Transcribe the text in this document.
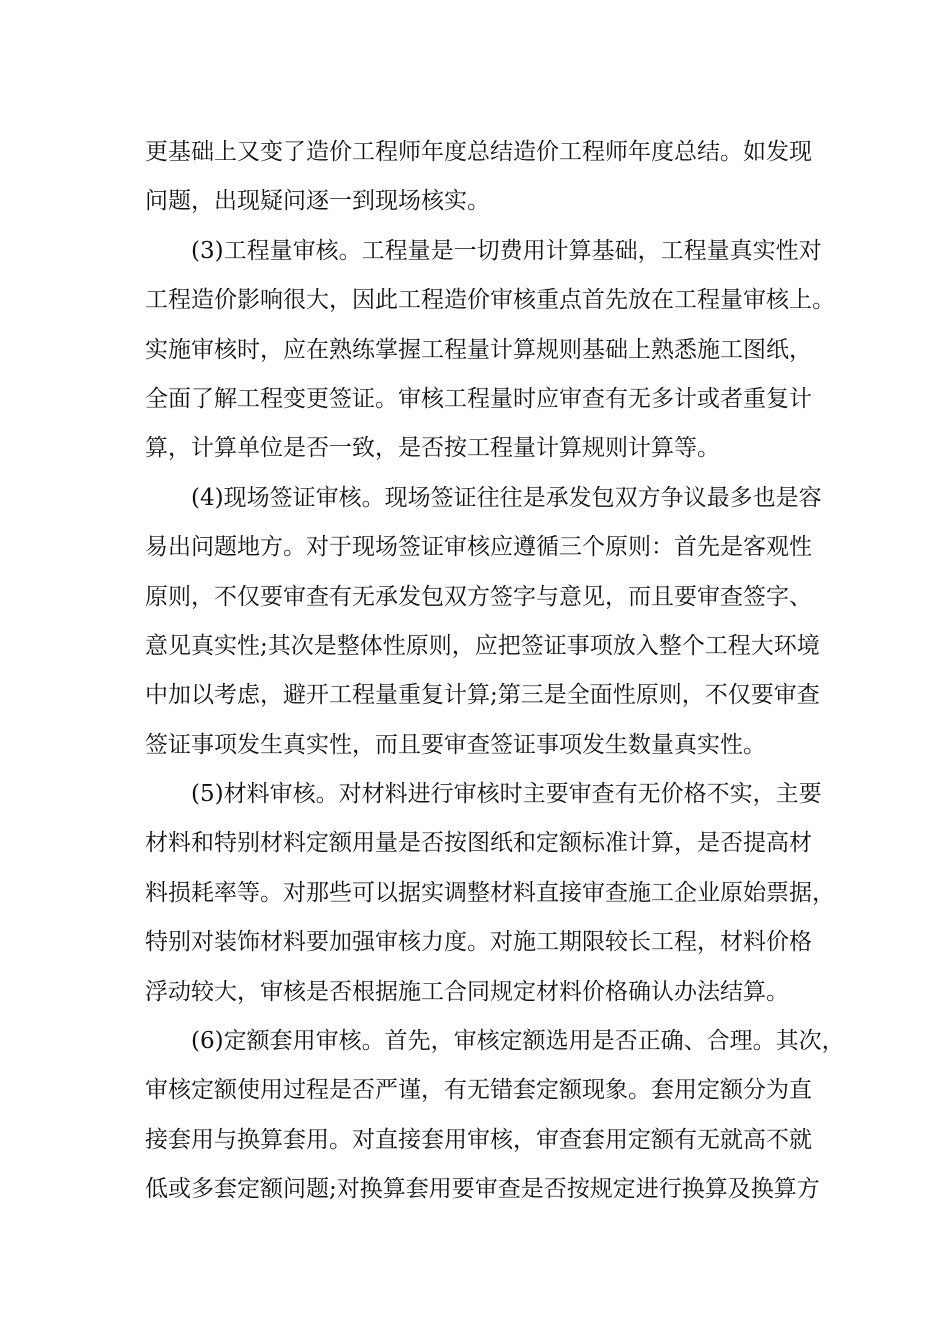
更基础上又变了造价工程师年度总结造价工程师年度总结。如发现
问题，出现疑问逐一到现场核实。
(3)工程量审核。工程量是一切费用计算基础，工程量真实性对
工程造价影响很大，因此工程造价审核重点首先放在工程量审核上。
实施审核时，应在熟练掌握工程量计算规则基础上熟悉施工图纸，
全面了解工程变更签证。审核工程量时应审查有无多计或者重复计
算，计算单位是否一致，是否按工程量计算规则计算等。
(4)现场签证审核。现场签证往往是承发包双方争议最多也是容
易出问题地方。对于现场签证审核应遵循三个原则：首先是客观性
原则，不仅要审查有无承发包双方签字与意见，而且要审查签字、
意见真实性;其次是整体性原则，应把签证事项放入整个工程大环境
中加以考虑，避开工程量重复计算;第三是全面性原则，不仅要审查
签证事项发生真实性，而且要审查签证事项发生数量真实性。
(5)材料审核。对材料进行审核时主要审查有无价格不实，主要
材料和特别材料定额用量是否按图纸和定额标准计算，是否提高材
料损耗率等。对那些可以据实调整材料直接审查施工企业原始票据，
特别对装饰材料要加强审核力度。对施工期限较长工程，材料价格
浮动较大，审核是否根据施工合同规定材料价格确认办法结算。
(6)定额套用审核。首先，审核定额选用是否正确、合理。其次，
审核定额使用过程是否严谨，有无错套定额现象。套用定额分为直
接套用与换算套用。对直接套用审核，审查套用定额有无就高不就
低或多套定额问题;对换算套用要审查是否按规定进行换算及换算方
